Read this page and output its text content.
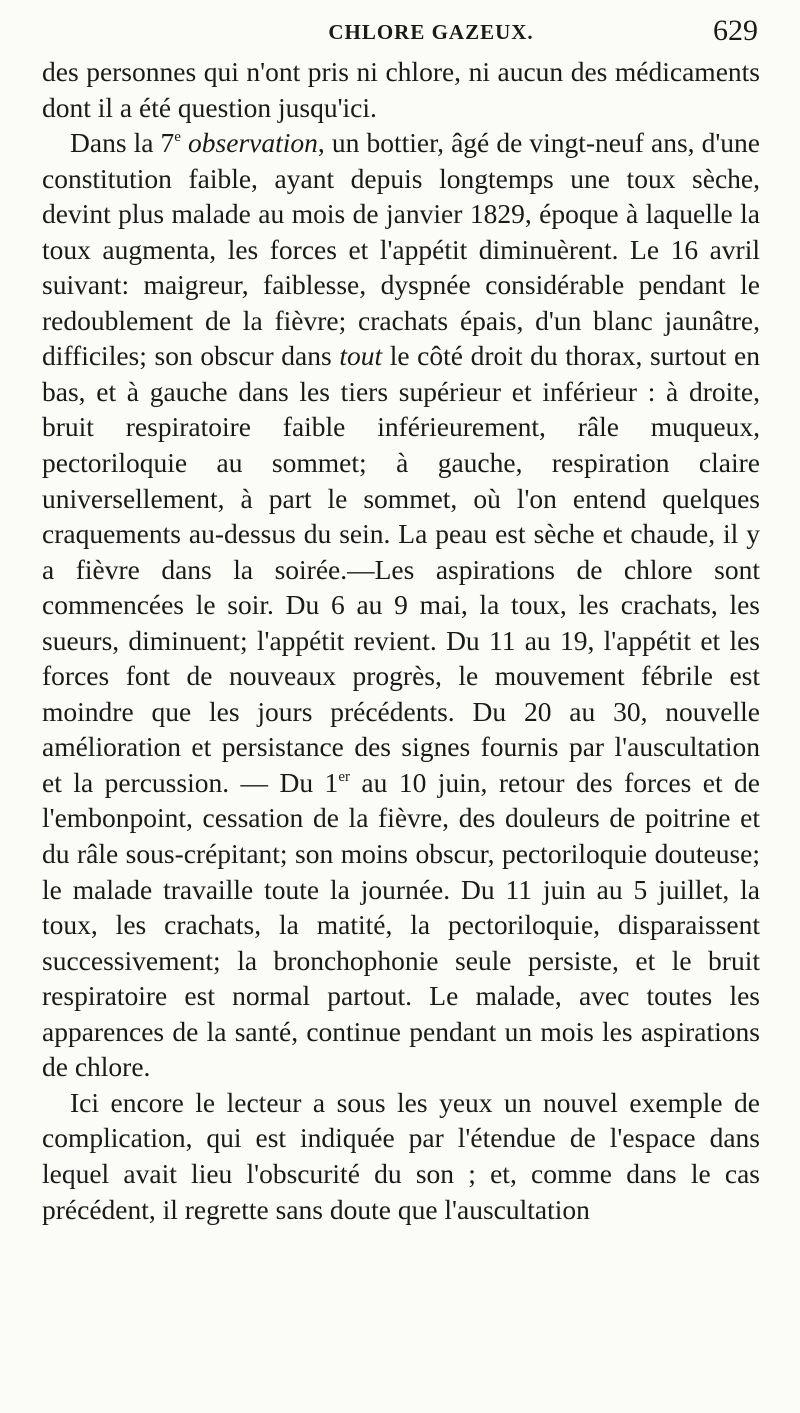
CHLORE GAZEUX.	629

des personnes qui n'ont pris ni chlore, ni aucun des médicaments dont il a été question jusqu'ici.

Dans la 7e observation, un bottier, âgé de vingt-neuf ans, d'une constitution faible, ayant depuis longtemps une toux sèche, devint plus malade au mois de janvier 1829, époque à laquelle la toux augmenta, les forces et l'appétit diminuèrent. Le 16 avril suivant: maigreur, faiblesse, dyspnée considérable pendant le redoublement de la fièvre; crachats épais, d'un blanc jaunâtre, difficiles; son obscur dans tout le côté droit du thorax, surtout en bas, et à gauche dans les tiers supérieur et inférieur : à droite, bruit respiratoire faible inférieurement, râle muqueux, pectoriloquie au sommet; à gauche, respiration claire universellement, à part le sommet, où l'on entend quelques craquements au-dessus du sein. La peau est sèche et chaude, il y a fièvre dans la soirée.—Les aspirations de chlore sont commencées le soir. Du 6 au 9 mai, la toux, les crachats, les sueurs, diminuent; l'appétit revient. Du 11 au 19, l'appétit et les forces font de nouveaux progrès, le mouvement fébrile est moindre que les jours précédents. Du 20 au 30, nouvelle amélioration et persistance des signes fournis par l'auscultation et la percussion. — Du 1er au 10 juin, retour des forces et de l'embonpoint, cessation de la fièvre, des douleurs de poitrine et du râle sous-crépitant; son moins obscur, pectoriloquie douteuse; le malade travaille toute la journée. Du 11 juin au 5 juillet, la toux, les crachats, la matité, la pectoriloquie, disparaissent successivement; la bronchophonie seule persiste, et le bruit respiratoire est normal partout. Le malade, avec toutes les apparences de la santé, continue pendant un mois les aspirations de chlore.

Ici encore le lecteur a sous les yeux un nouvel exemple de complication, qui est indiquée par l'étendue de l'espace dans lequel avait lieu l'obscurité du son ; et, comme dans le cas précédent, il regrette sans doute que l'auscultation
